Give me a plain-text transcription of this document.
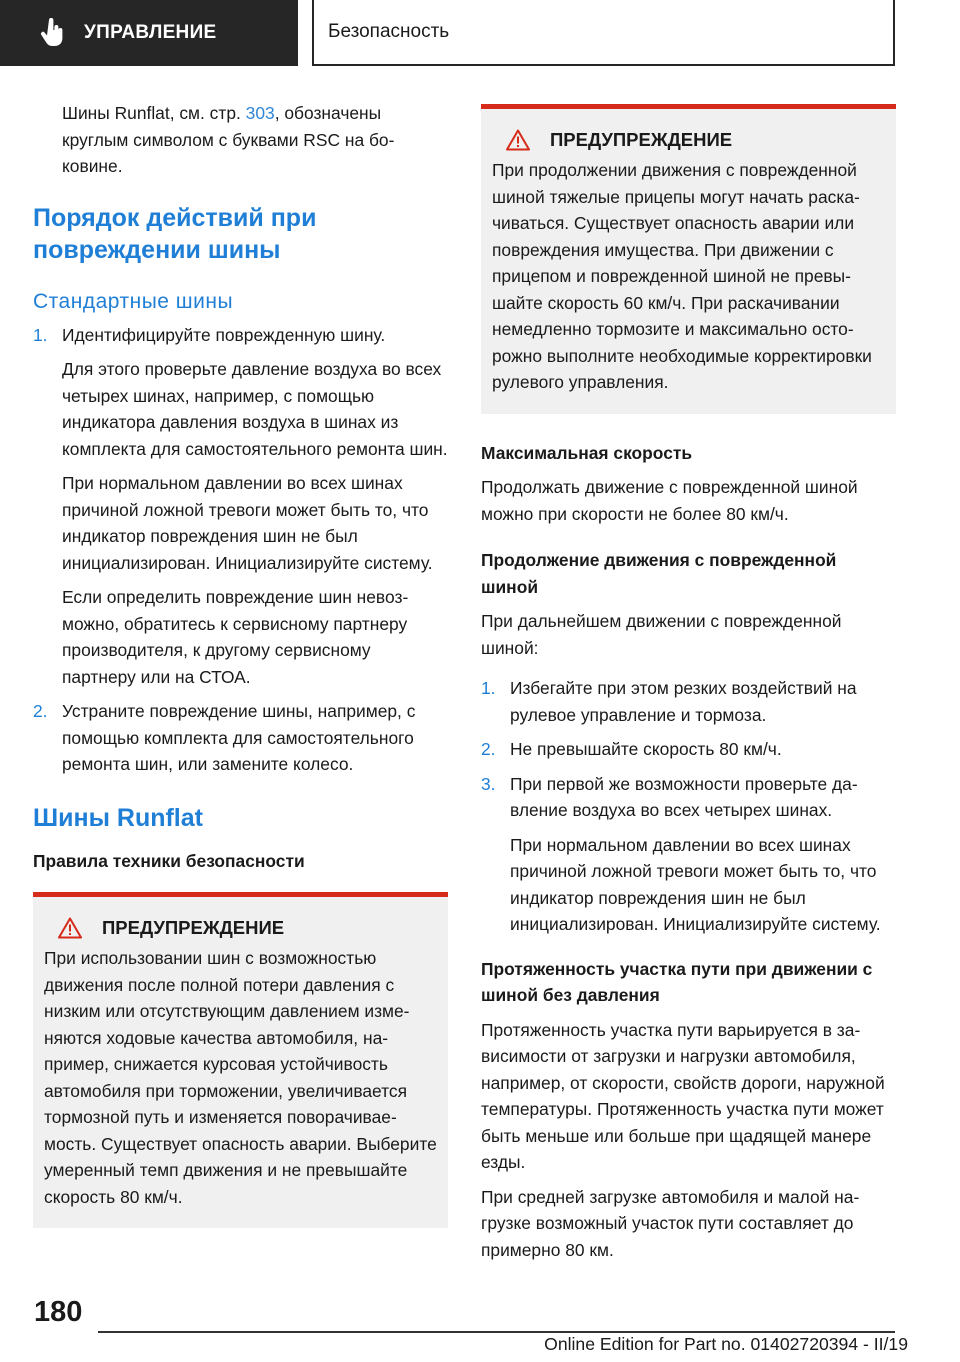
УПРАВЛЕНИЕ	Безопасность

Шины Runflat, см. стр. 303, обозначены круглым символом с буквами RSC на боковине.

Порядок действий при повреждении шины
Стандартные шины
1. Идентифицируйте поврежденную шину.

Для этого проверьте давление воздуха во всех четырех шинах, например, с помощью индикатора давления воздуха в шинах из комплекта для самостоятельного ремонта шин.

При нормальном давлении во всех шинах причиной ложной тревоги может быть то, что индикатор повреждения шин не был инициализирован. Инициализируйте систему.

Если определить повреждение шин невозможно, обратитесь к сервисному партнеру производителя, к другому сервисному партнеру или на СТОА.

2. Устраните повреждение шины, например, с помощью комплекта для самостоятельного ремонта шин, или замените колесо.

Шины Runflat
Правила техники безопасности
ПРЕДУПРЕЖДЕНИЕ

При использовании шин с возможностью движения после полной потери давления с низким или отсутствующим давлением изменяются ходовые качества автомобиля, например, снижается курсовая устойчивость автомобиля при торможении, увеличивается тормозной путь и изменяется поворачиваемость. Существует опасность аварии. Выберите умеренный темп движения и не превышайте скорость 80 км/ч.

ПРЕДУПРЕЖДЕНИЕ

При продолжении движения с поврежденной шиной тяжелые прицепы могут начать раскачиваться. Существует опасность аварии или повреждения имущества. При движении с прицепом и поврежденной шиной не превышайте скорость 60 км/ч. При раскачивании немедленно тормозите и максимально осторожно выполните необходимые корректировки рулевого управления.

Максимальная скорость

Продолжать движение с поврежденной шиной можно при скорости не более 80 км/ч.

Продолжение движения с поврежденной шиной

При дальнейшем движении с поврежденной шиной:

1. Избегайте при этом резких воздействий на рулевое управление и тормоза.

2. Не превышайте скорость 80 км/ч.

3. При первой же возможности проверьте давление воздуха во всех четырех шинах.

При нормальном давлении во всех шинах причиной ложной тревоги может быть то, что индикатор повреждения шин не был инициализирован. Инициализируйте систему.

Протяженность участка пути при движении с шиной без давления

Протяженность участка пути варьируется в зависимости от загрузки и нагрузки автомобиля, например, от скорости, свойств дороги, наружной температуры. Протяженность участка пути может быть меньше или больше при щадящей манере езды.

При средней загрузке автомобиля и малой нагрузке возможный участок пути составляет до примерно 80 км.

180
Online Edition for Part no. 01402720394 - II/19
